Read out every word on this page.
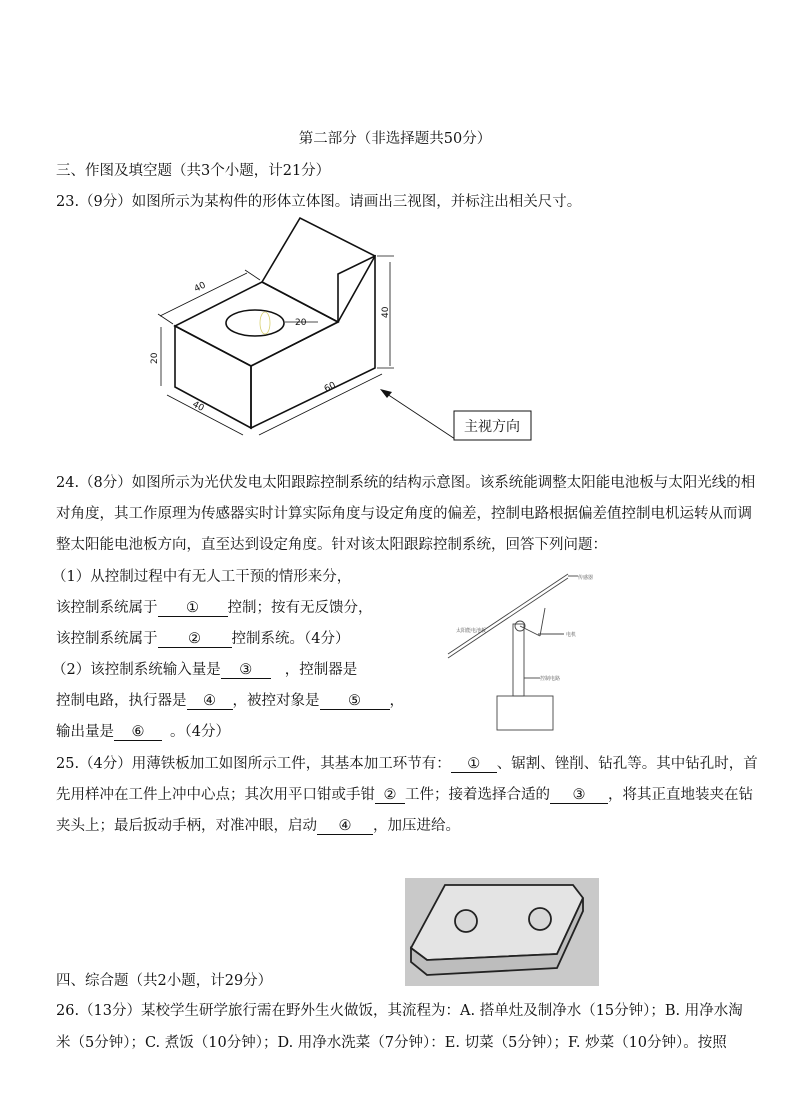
第二部分（非选择题共50分）
三、作图及填空题（共3个小题，计21分）
23.（9分）如图所示为某构件的形体立体图。请画出三视图，并标注出相关尺寸。
40
20
40
20
40
60
主视方向
24.（8分）如图所示为光伏发电太阳跟踪控制系统的结构示意图。该系统能调整太阳能电池板与太阳光线的相
对角度，其工作原理为传感器实时计算实际角度与设定角度的偏差，控制电路根据偏差值控制电机运转从而调
整太阳能电池板方向，直至达到设定角度。针对该太阳跟踪控制系统，回答下列问题：
（1）从控制过程中有无人工干预的情形来分，
该控制系统属于 ① 控制；按有无反馈分，
该控制系统属于 ② 控制系统。（4分）
（2）该控制系统输入量是 ③ ，控制器是
控制电路，执行器是 ④ ，被控对象是 ⑤ ，
输出量是 ⑥ 。（4分）
传感器
太阳能电池板
电机
控制电路
25.（4分）用薄铁板加工如图所示工件，其基本加工环节有： ① 、锯割、锉削、钻孔等。其中钻孔时，首
先用样冲在工件上冲中心点；其次用平口钳或手钳 ② 工件；接着选择合适的 ③ ，将其正直地装夹在钻
夹头上；最后扳动手柄，对准冲眼，启动 ④ ，加压进给。
四、综合题（共2小题，计29分）
26.（13分）某校学生研学旅行需在野外生火做饭，其流程为：A. 搭单灶及制净水（15分钟）；B. 用净水淘
米（5分钟）；C. 煮饭（10分钟）；D. 用净水洗菜（7分钟）：E. 切菜（5分钟）；F. 炒菜（10分钟）。按照
